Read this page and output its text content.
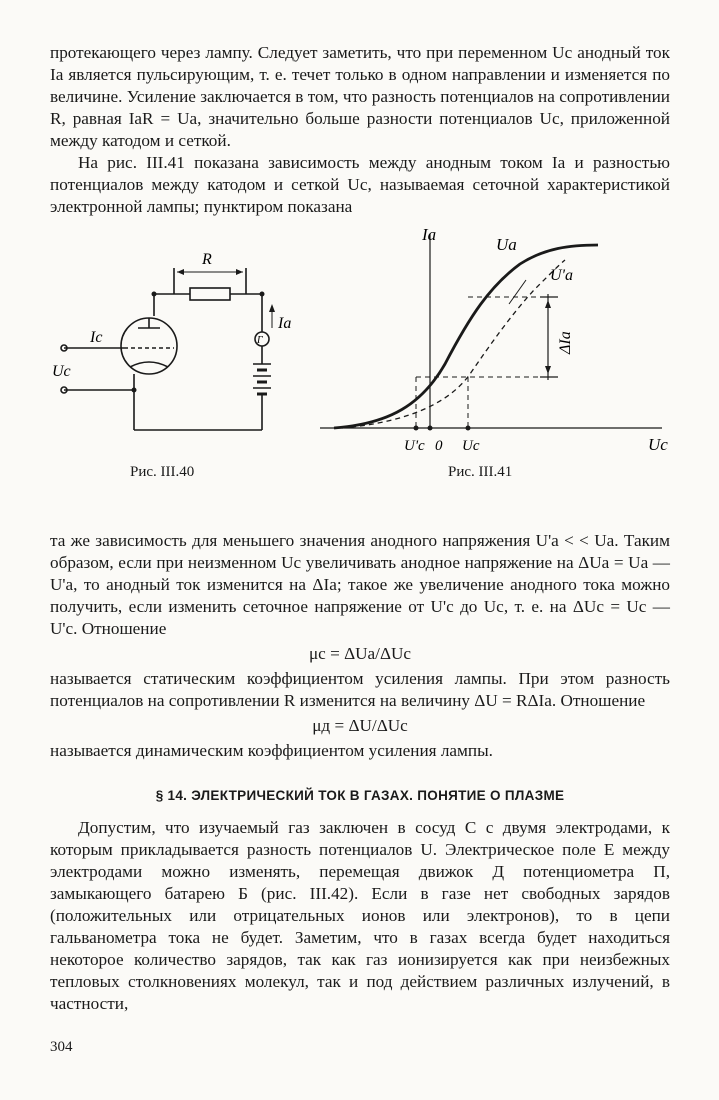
протекающего через лампу. Следует заметить, что при переменном Uc анодный ток Iа является пульсирующим, т. е. течет только в одном направлении и изменяется по величине. Усиление заключается в том, что разность потенциалов на сопротивлении R, равная IаR = Uа, значительно больше разности потенциалов Uc, приложенной между катодом и сеткой.

На рис. III.41 показана зависимость между анодным током Iа и разностью потенциалов между катодом и сеткой Uc, называемая сеточной характеристикой электронной лампы; пунктиром показана

R
Iа
Ic
Uc
Г
Iа
Uc
Uа
U'а
ΔIа
U'c 0 Uc
Рис. III.40	Рис. III.41

та же зависимость для меньшего значения анодного напряжения U'а < < Uа. Таким образом, если при неизменном Uc увеличивать анодное напряжение на ΔUа = Uа — U'а, то анодный ток изменится на ΔIа; такое же увеличение анодного тока можно получить, если изменить сеточное напряжение от U'c до Uc, т. е. на ΔUc = Uc — U'c. Отношение

μc = ΔUа/ΔUc

называется статическим коэффициентом усиления лампы. При этом разность потенциалов на сопротивлении R изменится на величину ΔU = RΔIа. Отношение

μд = ΔU/ΔUc

называется динамическим коэффициентом усиления лампы.

§ 14. ЭЛЕКТРИЧЕСКИЙ ТОК В ГАЗАХ. ПОНЯТИЕ О ПЛАЗМЕ

Допустим, что изучаемый газ заключен в сосуд C с двумя электродами, к которым прикладывается разность потенциалов U. Электрическое поле E между электродами можно изменять, перемещая движок Д потенциометра П, замыкающего батарею Б (рис. III.42). Если в газе нет свободных зарядов (положительных или отрицательных ионов или электронов), то в цепи гальванометра тока не будет. Заметим, что в газах всегда будет находиться некоторое количество зарядов, так как газ ионизируется как при неизбежных тепловых столкновениях молекул, так и под действием различных излучений, в частности,

304
